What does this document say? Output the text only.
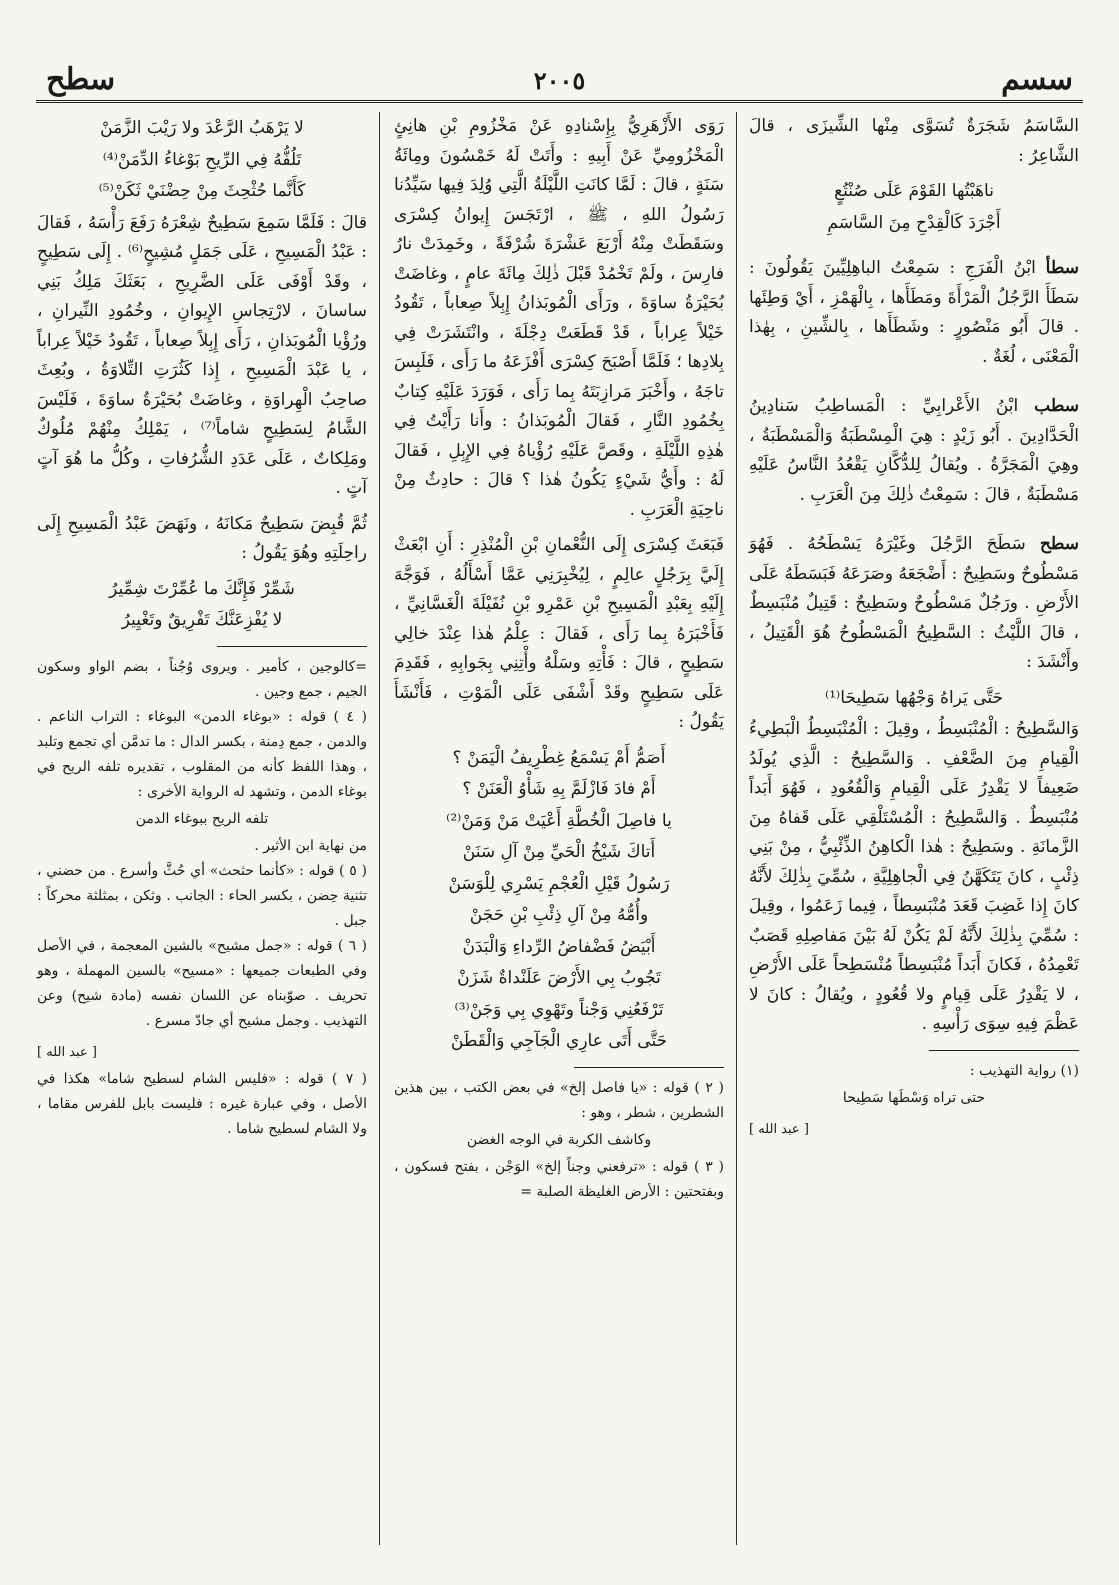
سسم
٢٠٠٥
سطح

السَّاسَمُ شَجَرَةٌ تُسَوَّى مِنْها الشِّيزَى ، قالَ الشَّاعِرُ :

ناهَبْتُها القَوْمَ عَلَى صُنْتُعٍ
أَجْرَدَ كَالْقِدْحِ مِنَ السَّاسَمِ

سطأ ابْنُ الْفَرَجِ : سَمِعْتُ الباهِلِيِّينَ يَقُولُونَ : سَطَأَ الرَّجُلُ الْمَرْأَةَ ومَطَأَها ، بِالْهَمْزِ ، أَيْ وَطِئَها . قالَ أَبُو مَنْصُورٍ : وشَطَأَها ، بِالشِّينِ ، بِهٰذا الْمَعْنَى ، لُغَةٌ .

سطب ابْنُ الأَعْرابِيِّ : الْمَساطِبُ سَنادِينُ الْحَدَّادِينَ . أَبُو زَيْدٍ : هِيَ الْمِسْطَبَةُ وَالْمَسْطَبَةُ ، وهِيَ الْمَجَرَّةُ . ويُقالُ لِلدُّكَّانِ يَقْعُدُ النَّاسُ عَلَيْهِ مَسْطَبَةٌ ، قالَ : سَمِعْتُ ذٰلِكَ مِنَ الْعَرَبِ .

سطح سَطَحَ الرَّجُلَ وغَيْرَهُ يَسْطَحُهُ . فَهُوَ مَسْطُوحٌ وسَطِيحٌ : أَضْجَعَهُ وصَرَعَهُ فَبَسَطَهُ عَلَى الأَرْضِ . ورَجُلٌ مَسْطُوحٌ وسَطِيحٌ : قَتِيلٌ مُنْبَسِطٌ ، قالَ اللَّيْثُ : السَّطِيحُ الْمَسْطُوحُ هُوَ الْقَتِيلُ ، وأَنْشَدَ :

حَتَّى يَراهُ وَجْهُها سَطِيحَا⁽¹⁾

وَالسَّطِيحُ : الْمُنْبَسِطُ ، وقِيلَ : الْمُنْبَسِطُ الْبَطِيءُ الْقِيامِ مِنَ الضَّعْفِ . وَالسَّطِيحُ : الَّذِي يُولَدُ ضَعِيفاً لا يَقْدِرُ عَلَى الْقِيامِ وَالْقُعُودِ ، فَهُوَ أَبَداً مُنْبَسِطٌ . وَالسَّطِيحُ : الْمُسْتَلْقِي عَلَى قَفاهُ مِنَ الزَّمانَةِ . وسَطِيحٌ : هٰذا الْكاهِنُ الذِّئْبِيُّ ، مِنْ بَنِي ذِئْبٍ ، كانَ يَتَكَهَّنُ فِي الْجاهِلِيَّةِ ، سُمِّيَ بِذٰلِكَ لأَنَّهُ كانَ إِذا غَضِبَ قَعَدَ مُنْبَسِطاً ، فِيما زَعَمُوا ، وقِيلَ : سُمِّيَ بِذٰلِكَ لأَنَّهُ لَمْ يَكُنْ لَهُ بَيْنَ مَفاصِلِهِ قَصَبٌ تَعْمِدُهُ ، فَكانَ أَبَداً مُنْبَسِطاً مُنْسَطِحاً عَلَى الأَرْضِ ، لا يَقْدِرُ عَلَى قِيامٍ ولا قُعُودٍ ، ويُقالُ : كانَ لا عَظْمَ فِيهِ سِوَى رَأْسِهِ .

(١) رواية التهذيب :
حتى تراه وَسْطَها سَطِيحا
[ عبد الله ]

رَوَى الأَزْهَرِيُّ بِإِسْنادِهِ عَنْ مَخْزُومِ بْنِ هانِئٍ الْمَخْزُومِيِّ عَنْ أَبِيهِ : وأَتَتْ لَهُ خَمْسُونَ ومِائَةُ سَنَةٍ ، قالَ : لَمَّا كانَتِ اللَّيْلَةُ الَّتِي وُلِدَ فِيها سَيِّدُنا رَسُولُ اللهِ ، ﷺ ، ارْتَجَسَ إِيوانُ كِسْرَى وسَقَطَتْ مِنْهُ أَرْبَعَ عَشْرَةَ شُرْفَةً ، وخَمِدَتْ نارُ فارِسَ ، ولَمْ تَخْمُدْ قَبْلَ ذٰلِكَ مِائَةَ عامٍ ، وغاضَتْ بُحَيْرَةُ ساوَةَ ، ورَأَى الْمُوبَذانُ إِبِلاً صِعاباً ، تَقُودُ خَيْلاً عِراباً ، قَدْ قَطَعَتْ دِجْلَةَ ، وانْتَشَرَتْ فِي بِلادِها ؛ فَلَمَّا أَصْبَحَ كِسْرَى أَفْزَعَهُ ما رَأَى ، فَلَبِسَ تاجَهُ ، وأَخْبَرَ مَرازِبَتَهُ بِما رَأَى ، فَوَرَدَ عَلَيْهِ كِتابٌ بِخُمُودِ النَّارِ ، فَقالَ الْمُوبَذانُ : وأَنا رَأَيْتُ فِي هٰذِهِ اللَّيْلَةِ ، وقَصَّ عَلَيْهِ رُؤْياهُ فِي الإِبِلِ ، فَقالَ لَهُ : وأَيُّ شَيْءٍ يَكُونُ هٰذا ؟ قالَ : حادِثٌ مِنْ ناحِيَةِ الْعَرَبِ .

فَبَعَثَ كِسْرَى إِلَى النُّعْمانِ بْنِ الْمُنْذِرِ : أَنِ ابْعَثْ إِلَيَّ بِرَجُلٍ عالِمٍ ، لِيُخْبِرَنِي عَمَّا أَسْأَلُهُ ، فَوَجَّهَ إِلَيْهِ بِعَبْدِ الْمَسِيحِ بْنِ عَمْرِو بْنِ نُفَيْلَةَ الْغَسَّانِيِّ ، فَأَخْبَرَهُ بِما رَأَى ، فَقالَ : عِلْمُ هٰذا عِنْدَ خالِي سَطِيحٍ ، قالَ : فَأْتِهِ وسَلْهُ وأْتِنِي بِجَوابِهِ ، فَقَدِمَ عَلَى سَطِيحٍ وقَدْ أَشْفَى عَلَى الْمَوْتِ ، فَأَنْشَأَ يَقُولُ :

أَصَمُّ أَمْ يَسْمَعُ غِطْرِيفُ الْيَمَنْ ؟
أَمْ فادَ فَازْلَمَّ بِهِ شَأْوُ الْعَنَنْ ؟
يا فاصِلَ الْخُطَّةِ أَعْيَتْ مَنْ وَمَنْ⁽²⁾
أَتاكَ شَيْخُ الْحَيِّ مِنْ آلِ سَنَنْ
رَسُولُ قَيْلِ الْعُجْمِ يَسْرِي لِلْوَسَنْ
وأُمُّهُ مِنْ آلِ ذِئْبِ بْنِ حَجَنْ
أَبْيَضُ فَضْفاضُ الرِّداءِ وَالْبَدَنْ
تَجُوبُ بِي الأَرْضَ عَلَنْداةٌ شَزَنْ
تَرْفَعُنِي وَجْناً وتَهْوِي بِي وَجَنْ⁽³⁾
حَتَّى أَتَى عارِي الْجَآجِي وَالْقَطَنْ
( ٢ ) قوله : «يا فاصل إلخ» في بعض الكتب ، بين هذين الشطرين ، شطر ، وهو :
وكاشف الكربة في الوجه الغضن
( ٣ ) قوله : «ترفعني وجناً إلخ» الوَجْن ، بفتح فسكون ، وبفتحتين : الأرض الغليظة الصلبة =
لا يَرْهَبُ الرَّعْدَ ولا رَيْبَ الزَّمَنْ
تَلُفُّهُ فِي الرِّيحِ بَوْغاءُ الدِّمَنْ⁽⁴⁾
كَأَنَّما حُثْحِثَ مِنْ حِضْنَيْ ثَكَنْ⁽⁵⁾

قالَ : فَلَمَّا سَمِعَ سَطِيحٌ شِعْرَهُ رَفَعَ رَأْسَهُ ، فَقالَ : عَبْدُ الْمَسِيحِ ، عَلَى جَمَلٍ مُشِيحٍ⁽⁶⁾ . إِلَى سَطِيحٍ ، وقَدْ أَوْفَى عَلَى الضَّرِيحِ ، بَعَثَكَ مَلِكُ بَنِي ساسانَ ، لارْتِجاسِ الإِيوانِ ، وخُمُودِ النِّيرانِ ، ورُؤْيا الْمُوبَذانِ ، رَأَى إِبِلاً صِعاباً ، تَقُودُ خَيْلاً عِراباً ، يا عَبْدَ الْمَسِيحِ ، إِذا كَثُرَتِ التِّلاوَةُ ، وبُعِثَ صاحِبُ الْهِراوَةِ ، وغاضَتْ بُحَيْرَةُ ساوَةَ ، فَلَيْسَ الشَّامُ لِسَطِيحٍ شاماً⁽⁷⁾ ، يَمْلِكُ مِنْهُمْ مُلُوكٌ ومَلِكاتٌ ، عَلَى عَدَدِ الشُّرُفاتِ ، وكُلُّ ما هُوَ آتٍ آتٍ .

ثُمَّ قُبِضَ سَطِيحٌ مَكانَهُ ، ونَهَضَ عَبْدُ الْمَسِيحِ إِلَى راحِلَتِهِ وهُوَ يَقُولُ :

شَمِّرْ فَإِنَّكَ ما عُمِّرْتَ شِمِّيرُ
لا يُفْزِعَنَّكَ تَفْرِيقٌ وتَغْيِيرُ
=كالوجين ، كأمير . ويروى وُجُناً ، بضم الواو وسكون الجيم ، جمع وجين .
( ٤ ) قوله : «بوغاء الدمن» البوغاء : التراب الناعم . والدمن ، جمع دِمنة ، بكسر الدال : ما تدمَّن أي تجمع وتلبد ، وهذا اللفظ كأنه من المقلوب ، تقديره تلفه الريح في بوغاء الدمن ، وتشهد له الرواية الأخرى :
تلفه الريح ببوغاء الدمن
من نهاية ابن الأثير .
( ٥ ) قوله : «كأنما حثحث» أي حُثَّ وأسرع . من حضني ، تثنية حِضن ، بكسر الحاء : الجانب . وثكن ، بمثلثة محركاً : جبل .
( ٦ ) قوله : «جمل مشيح» بالشين المعجمة ، في الأصل وفي الطبعات جميعها : «مسيح» بالسين المهملة ، وهو تحريف . صوّبناه عن اللسان نفسه (مادة شيح) وعن التهذيب . وجمل مشيح أي جادّ مسرع .
[ عبد الله ]
( ٧ ) قوله : «فليس الشام لسطيح شاما» هكذا في الأصل ، وفي عبارة غيره : فليست بابل للفرس مقاما ، ولا الشام لسطيح شاما .
